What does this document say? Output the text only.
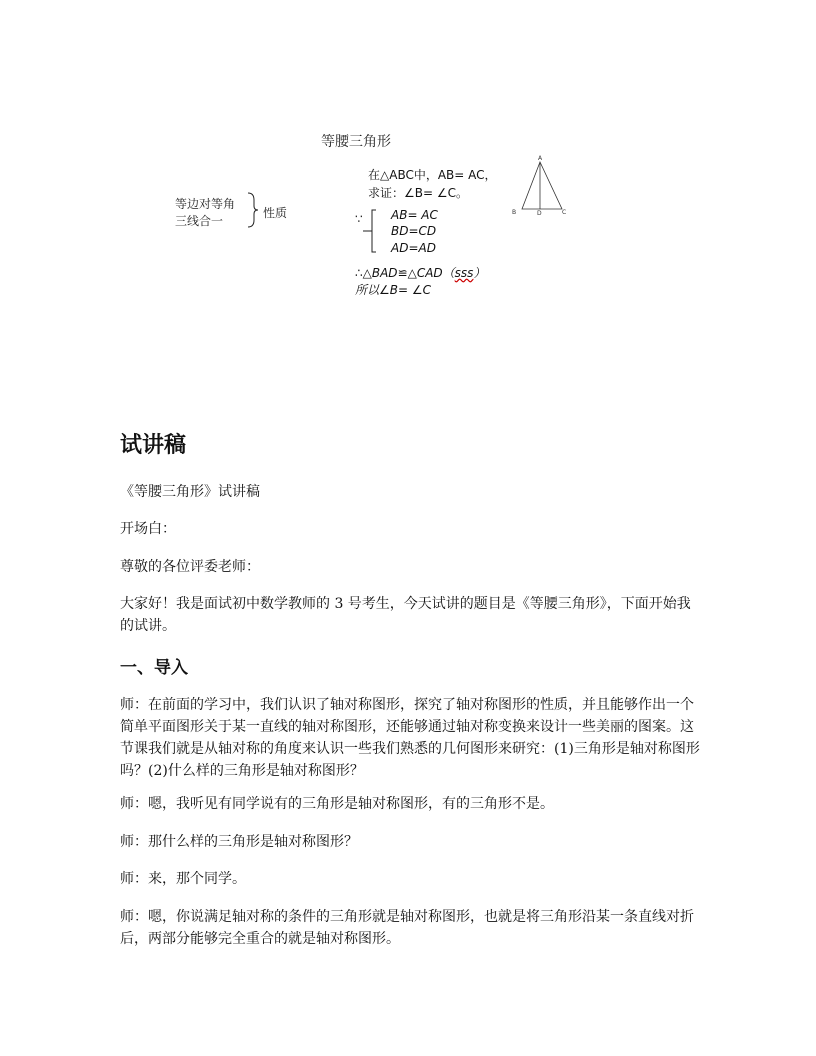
等腰三角形
等边对等角
三线合一
性质
在△ABC中，AB= AC，
求证：∠B= ∠C。
A
B	D	C
∵ AB= AC
BD=CD
AD=AD
∴△BAD≌△CAD（sss）
所以∠B= ∠C
试讲稿
《等腰三角形》试讲稿
开场白：
尊敬的各位评委老师：
大家好！我是面试初中数学教师的 3 号考生，今天试讲的题目是《等腰三角形》，下面开始我的试讲。
一、导入
师：在前面的学习中，我们认识了轴对称图形，探究了轴对称图形的性质，并且能够作出一个简单平面图形关于某一直线的轴对称图形，还能够通过轴对称变换来设计一些美丽的图案。这节课我们就是从轴对称的角度来认识一些我们熟悉的几何图形来研究：(1)三角形是轴对称图形吗？(2)什么样的三角形是轴对称图形？
师：嗯，我听见有同学说有的三角形是轴对称图形，有的三角形不是。
师：那什么样的三角形是轴对称图形？
师：来，那个同学。
师：嗯，你说满足轴对称的条件的三角形就是轴对称图形，也就是将三角形沿某一条直线对折后，两部分能够完全重合的就是轴对称图形。
